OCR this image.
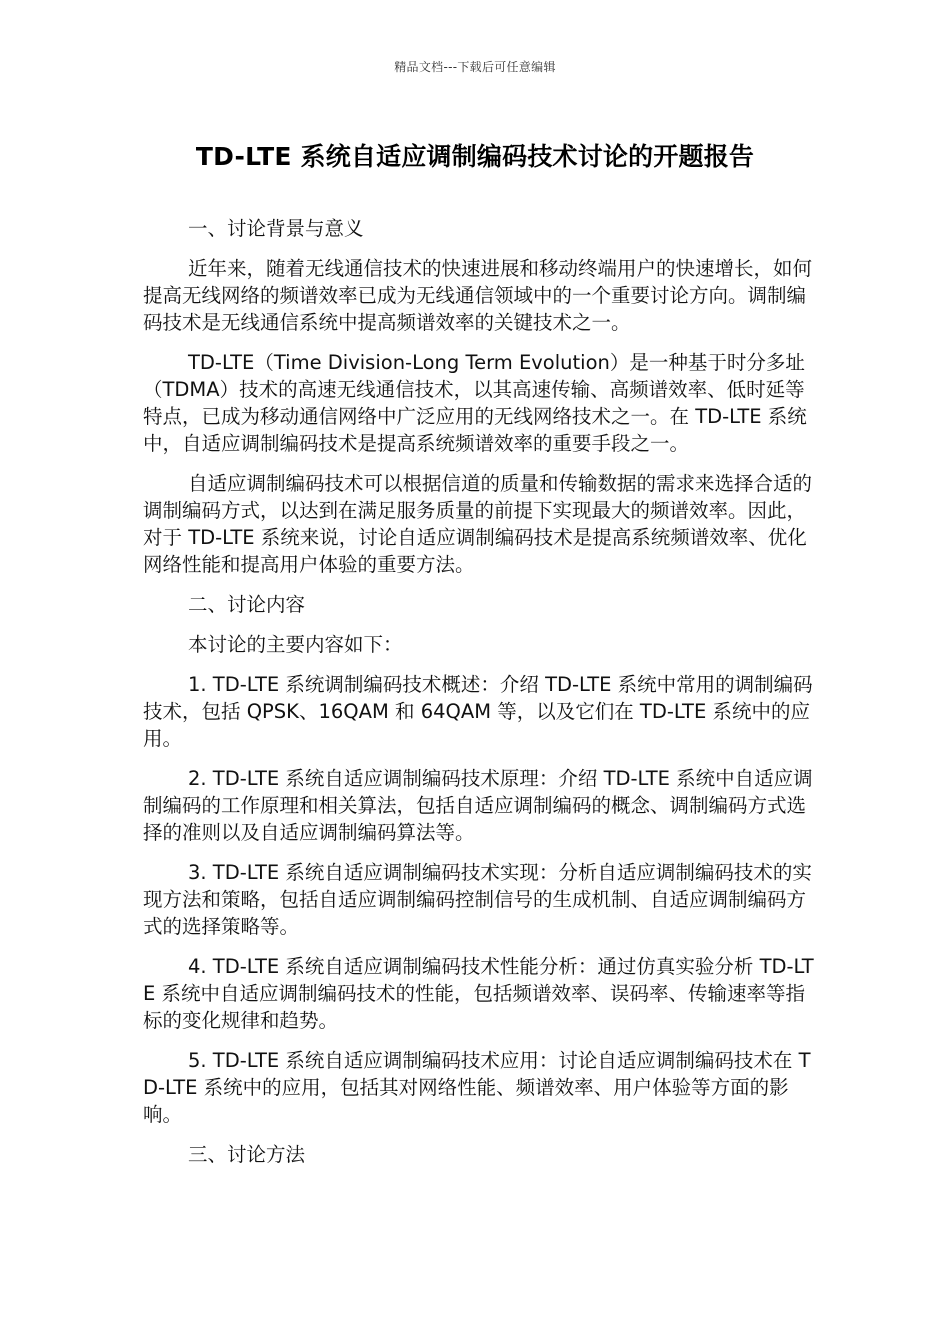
精品文档---下载后可任意编辑
TD-LTE 系统自适应调制编码技术讨论的开题报告

一、讨论背景与意义

近年来，随着无线通信技术的快速进展和移动终端用户的快速增长，如何提高无线网络的频谱效率已成为无线通信领域中的一个重要讨论方向。调制编码技术是无线通信系统中提高频谱效率的关键技术之一。

TD-LTE（Time Division-Long Term Evolution）是一种基于时分多址（TDMA）技术的高速无线通信技术，以其高速传输、高频谱效率、低时延等特点，已成为移动通信网络中广泛应用的无线网络技术之一。在 TD-LTE 系统中，自适应调制编码技术是提高系统频谱效率的重要手段之一。

自适应调制编码技术可以根据信道的质量和传输数据的需求来选择合适的调制编码方式，以达到在满足服务质量的前提下实现最大的频谱效率。因此，对于 TD-LTE 系统来说，讨论自适应调制编码技术是提高系统频谱效率、优化网络性能和提高用户体验的重要方法。

二、讨论内容

本讨论的主要内容如下：

1. TD-LTE 系统调制编码技术概述：介绍 TD-LTE 系统中常用的调制编码技术，包括 QPSK、16QAM 和 64QAM 等，以及它们在 TD-LTE 系统中的应用。

2. TD-LTE 系统自适应调制编码技术原理：介绍 TD-LTE 系统中自适应调制编码的工作原理和相关算法，包括自适应调制编码的概念、调制编码方式选择的准则以及自适应调制编码算法等。

3. TD-LTE 系统自适应调制编码技术实现：分析自适应调制编码技术的实现方法和策略，包括自适应调制编码控制信号的生成机制、自适应调制编码方式的选择策略等。

4. TD-LTE 系统自适应调制编码技术性能分析：通过仿真实验分析 TD-LTE 系统中自适应调制编码技术的性能，包括频谱效率、误码率、传输速率等指标的变化规律和趋势。

5. TD-LTE 系统自适应调制编码技术应用：讨论自适应调制编码技术在 TD-LTE 系统中的应用，包括其对网络性能、频谱效率、用户体验等方面的影响。

三、讨论方法
